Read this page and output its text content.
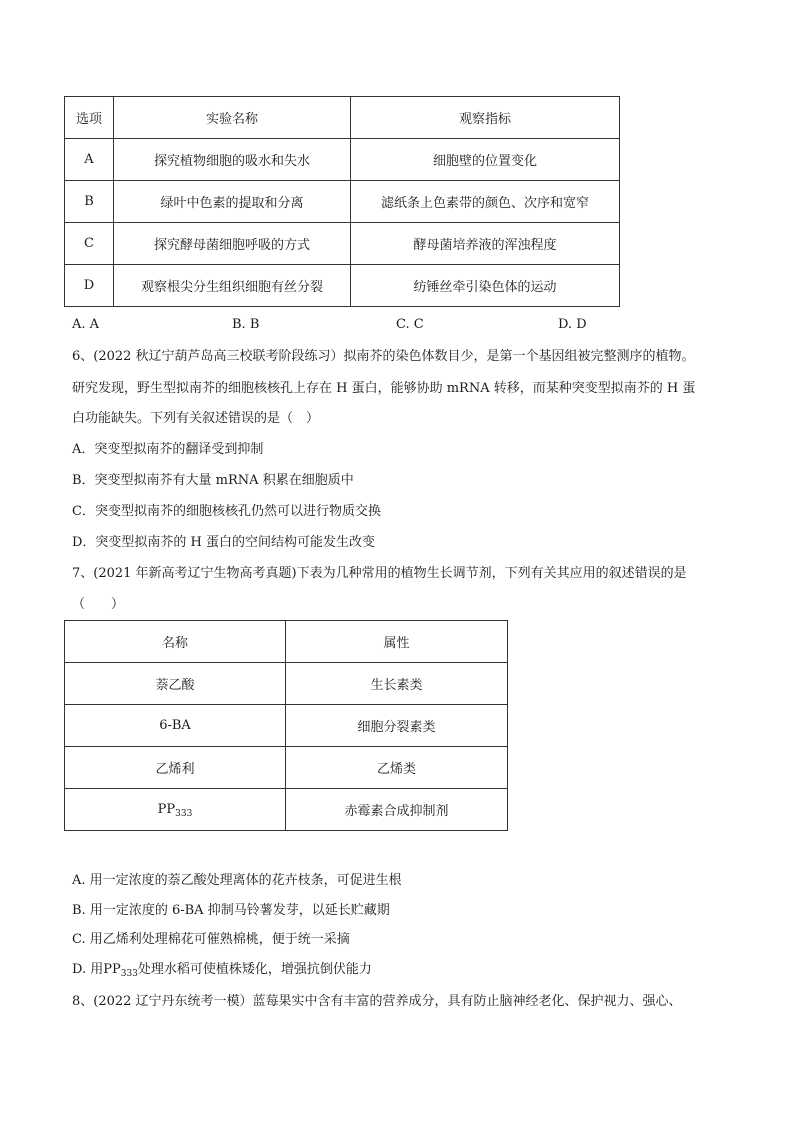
选项	实验名称	观察指标
A	探究植物细胞的吸水和失水	细胞壁的位置变化
B	绿叶中色素的提取和分离	滤纸条上色素带的颜色、次序和宽窄
C	探究酵母菌细胞呼吸的方式	酵母菌培养液的浑浊程度
D	观察根尖分生组织细胞有丝分裂	纺锤丝牵引染色体的运动
A. A	B. B	C. C	D. D
6、(2022 秋辽宁葫芦岛高三校联考阶段练习）拟南芥的染色体数目少，是第一个基因组被完整测序的植物。
研究发现，野生型拟南芥的细胞核核孔上存在 H 蛋白，能够协助 mRNA 转移，而某种突变型拟南芥的 H 蛋
白功能缺失。下列有关叙述错误的是（　）
A．突变型拟南芥的翻译受到抑制
B．突变型拟南芥有大量 mRNA 积累在细胞质中
C．突变型拟南芥的细胞核核孔仍然可以进行物质交换
D．突变型拟南芥的 H 蛋白的空间结构可能发生改变
7、(2021 年新高考辽宁生物高考真题)下表为几种常用的植物生长调节剂，下列有关其应用的叙述错误的是
（　　）
名称	属性
萘乙酸	生长素类
6-BA	细胞分裂素类
乙烯利	乙烯类
$PP_{333}$	赤霉素合成抑制剂
A. 用一定浓度的萘乙酸处理离体的花卉枝条，可促进生根
B. 用一定浓度的 6-BA 抑制马铃薯发芽，以延长贮藏期
C. 用乙烯利处理棉花可催熟棉桃，便于统一采摘
D. 用$PP_{333}$处理水稻可使植株矮化，增强抗倒伏能力
8、(2022 辽宁丹东统考一模）蓝莓果实中含有丰富的营养成分，具有防止脑神经老化、保护视力、强心、
